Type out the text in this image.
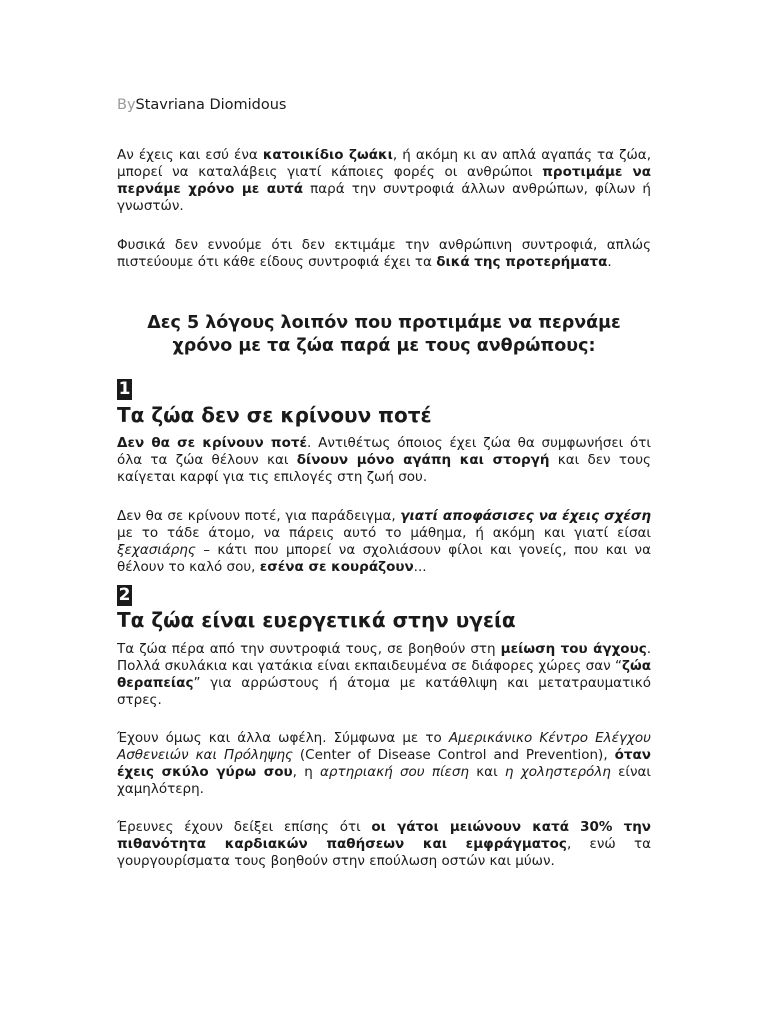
ByStavriana Diomidous

Αν έχεις και εσύ ένα κατοικίδιο ζωάκι, ή ακόμη κι αν απλά αγαπάς τα ζώα, μπορεί να καταλάβεις γιατί κάποιες φορές οι ανθρώποι προτιμάμε να περνάμε χρόνο με αυτά παρά την συντροφιά άλλων ανθρώπων, φίλων ή γνωστών.

Φυσικά δεν εννούμε ότι δεν εκτιμάμε την ανθρώπινη συντροφιά, απλώς πιστεύουμε ότι κάθε είδους συντροφιά έχει τα δικά της προτερήματα.

Δες 5 λόγους λοιπόν που προτιμάμε να περνάμε χρόνο με τα ζώα παρά με τους ανθρώπους:
1
Τα ζώα δεν σε κρίνουν ποτέ

Δεν θα σε κρίνουν ποτέ. Αντιθέτως όποιος έχει ζώα θα συμφωνήσει ότι όλα τα ζώα θέλουν και δίνουν μόνο αγάπη και στοργή και δεν τους καίγεται καρφί για τις επιλογές στη ζωή σου.

Δεν θα σε κρίνουν ποτέ, για παράδειγμα, γιατί αποφάσισες να έχεις σχέση με το τάδε άτομο, να πάρεις αυτό το μάθημα, ή ακόμη και γιατί είσαι ξεχασιάρης – κάτι που μπορεί να σχολιάσουν φίλοι και γονείς, που και να θέλουν το καλό σου, εσένα σε κουράζουν...

2
Τα ζώα είναι ευεργετικά στην υγεία

Τα ζώα πέρα από την συντροφιά τους, σε βοηθούν στη μείωση του άγχους. Πολλά σκυλάκια και γατάκια είναι εκπαιδευμένα σε διάφορες χώρες σαν “ζώα θεραπείας” για αρρώστους ή άτομα με κατάθλιψη και μετατραυματικό στρες.

Έχουν όμως και άλλα ωφέλη. Σύμφωνα με το Αμερικάνικο Κέντρο Ελέγχου Ασθενειών και Πρόληψης (Center of Disease Control and Prevention), όταν έχεις σκύλο γύρω σου, η αρτηριακή σου πίεση και η χοληστερόλη είναι χαμηλότερη.

Έρευνες έχουν δείξει επίσης ότι οι γάτοι μειώνουν κατά 30% την πιθανότητα καρδιακών παθήσεων και εμφράγματος, ενώ τα γουργουρίσματα τους βοηθούν στην επούλωση οστών και μύων.
